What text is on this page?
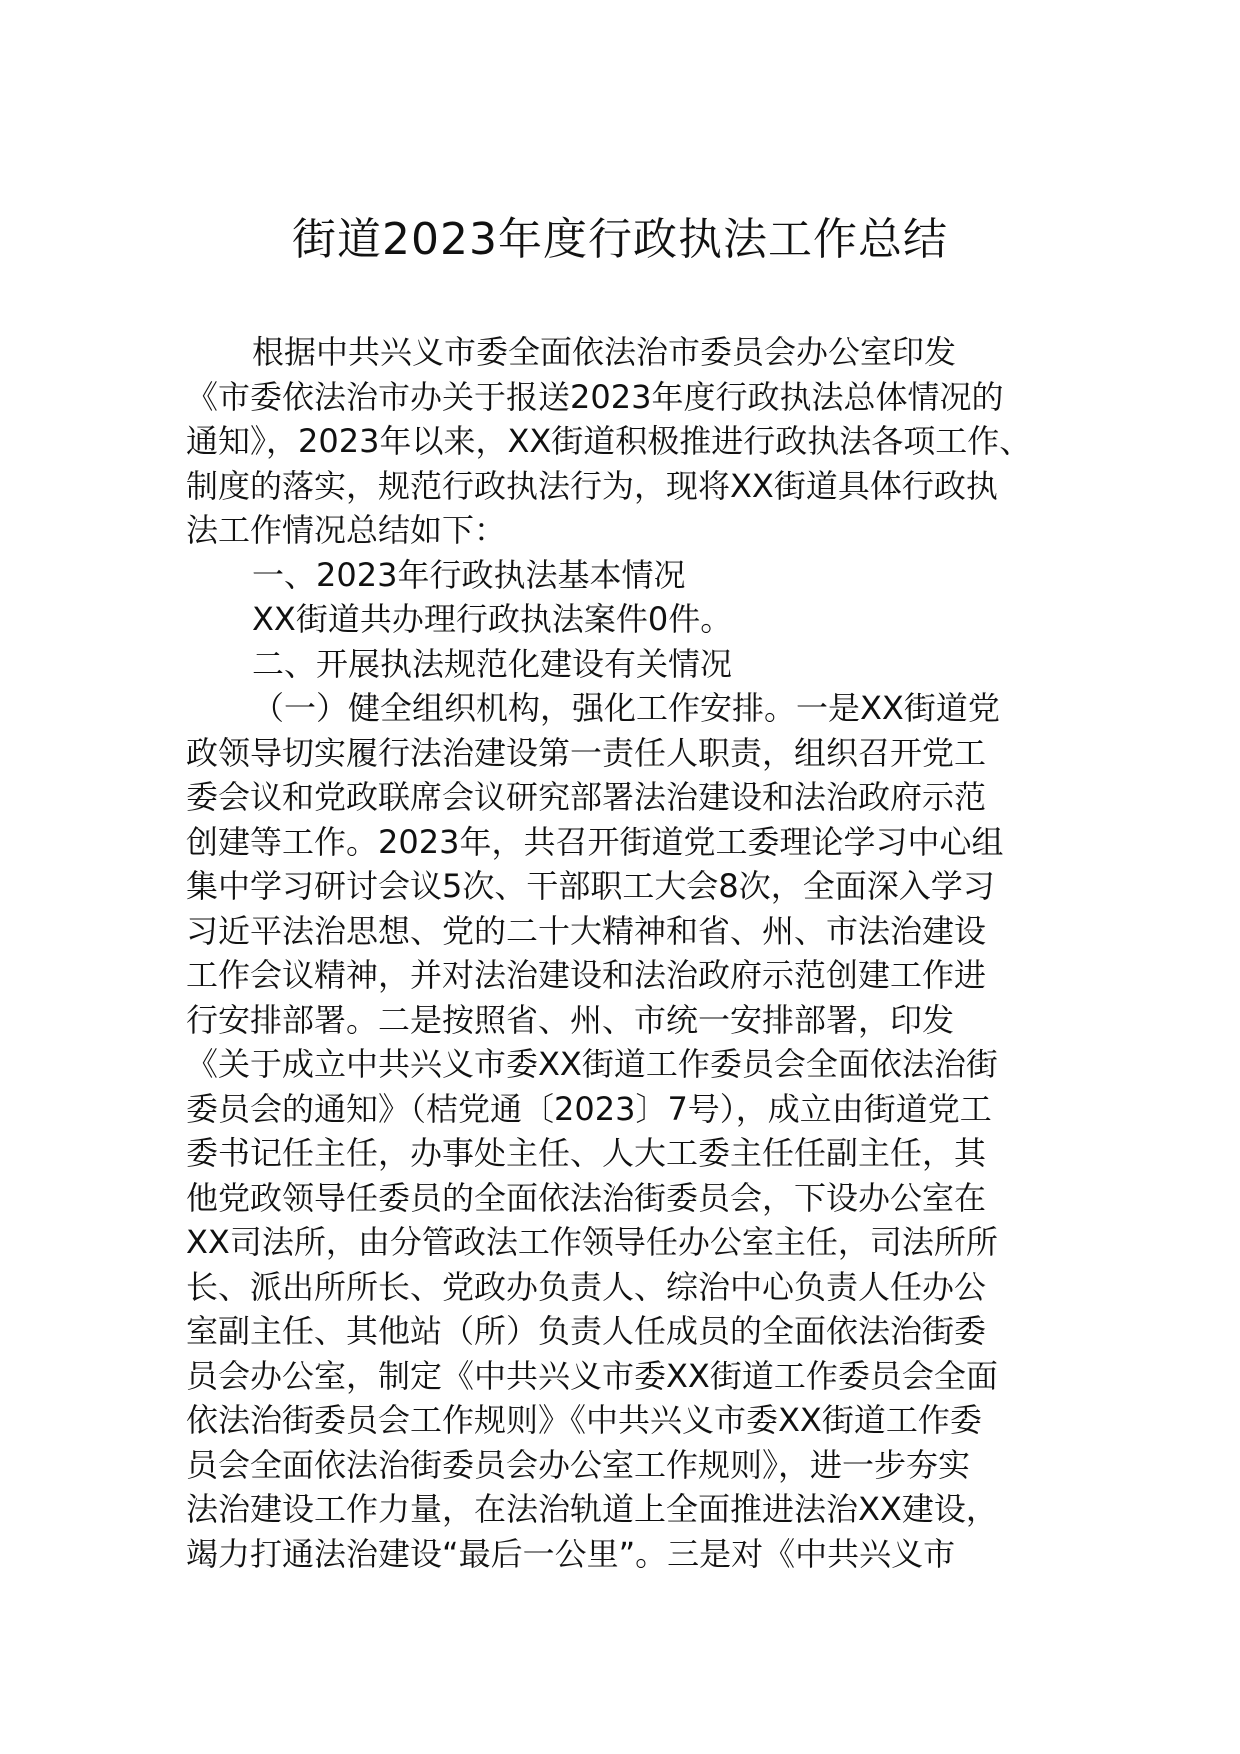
街道2023年度行政执法工作总结
根据中共兴义市委全面依法治市委员会办公室印发
《市委依法治市办关于报送2023年度行政执法总体情况的
通知》，2023年以来，XX街道积极推进行政执法各项工作、
制度的落实，规范行政执法行为，现将XX街道具体行政执
法工作情况总结如下：
一、2023年行政执法基本情况
XX街道共办理行政执法案件0件。
二、开展执法规范化建设有关情况
（一）健全组织机构，强化工作安排。一是XX街道党
政领导切实履行法治建设第一责任人职责，组织召开党工
委会议和党政联席会议研究部署法治建设和法治政府示范
创建等工作。2023年，共召开街道党工委理论学习中心组
集中学习研讨会议5次、干部职工大会8次，全面深入学习
习近平法治思想、党的二十大精神和省、州、市法治建设
工作会议精神，并对法治建设和法治政府示范创建工作进
行安排部署。二是按照省、州、市统一安排部署，印发
《关于成立中共兴义市委XX街道工作委员会全面依法治街
委员会的通知》（桔党通〔2023〕7号），成立由街道党工
委书记任主任，办事处主任、人大工委主任任副主任，其
他党政领导任委员的全面依法治街委员会，下设办公室在
XX司法所，由分管政法工作领导任办公室主任，司法所所
长、派出所所长、党政办负责人、综治中心负责人任办公
室副主任、其他站（所）负责人任成员的全面依法治街委
员会办公室，制定《中共兴义市委XX街道工作委员会全面
依法治街委员会工作规则》《中共兴义市委XX街道工作委
员会全面依法治街委员会办公室工作规则》，进一步夯实
法治建设工作力量，在法治轨道上全面推进法治XX建设，
竭力打通法治建设“最后一公里”。三是对《中共兴义市
